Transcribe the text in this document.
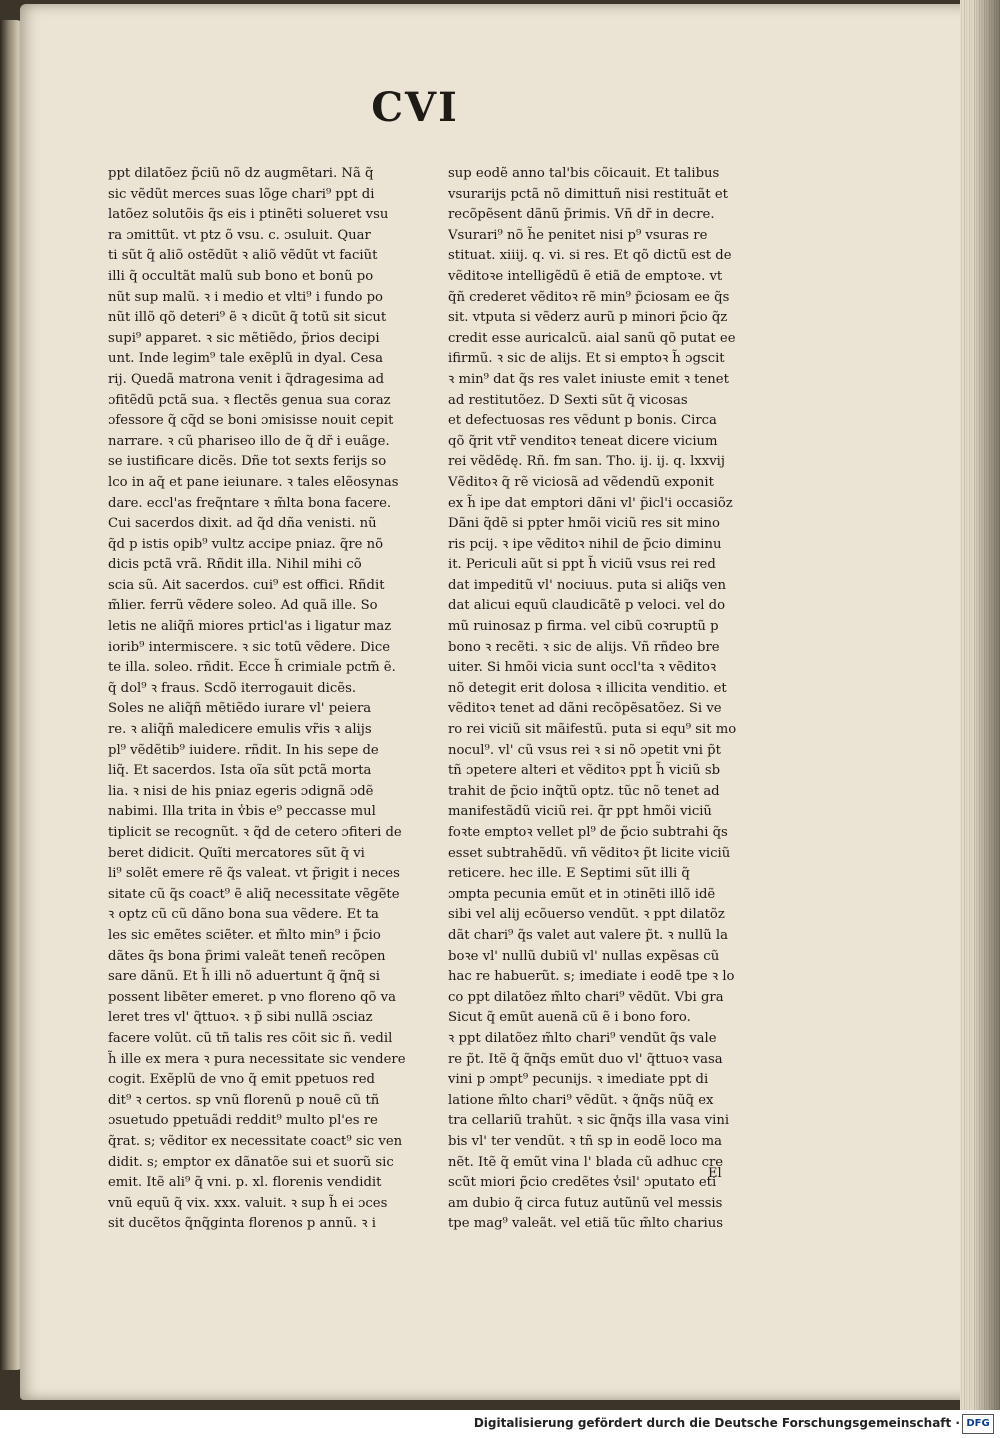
CVI
ppt dilatõez p̃ciũ nõ dz augmẽtari. Nã q̃
sic vẽdũt merces suas lõge chari⁹ ppt di
latõez solutõis q̃s eis i ptinẽti solueret vsu
ra ɔmittũt. vt ptz õ vsu. c. ɔsuluit. Quar
ti sũt q̃ aliõ ostẽdũt ꝛ aliõ vẽdũt vt faciũt
illi q̃ occultãt malũ sub bono et bonũ po
nũt sup malũ. ꝛ i medio et vlti⁹ i fundo po
nũt illõ qõ deteri⁹ ẽ ꝛ dicũt q̃ totũ sit sicut
supi⁹ apparet. ꝛ sic mẽtiẽdo, p̃rios decipi
unt. Inde legim⁹ tale exẽplũ in dyal. Cesa
rij. Quedã matrona venit i q̃dragesima ad
ɔfitẽdũ pctã sua. ꝛ flectẽs genua sua coraz
ɔfessore q̃ cq̃d se boni ɔmisisse nouit cepit
narrare. ꝛ cũ phariseo illo de q̃ dr̃ i euãge.
se iustificare dicẽs. Dñe tot sexts ferijs so
lco in aq̃ et pane ieiunare. ꝛ tales elẽosynas
dare. eccl'as freq̃ntare ꝛ m̃lta bona facere.
Cui sacerdos dixit. ad q̃d dña venisti. nũ
q̃d p istis opib⁹ vultz accipe pniaz. q̃re nõ
dicis pctã vrã. Rñdit illa. Nihil mihi cõ
scia sũ. Ait sacerdos. cui⁹ est offici. Rñdit
m̃lier. ferrũ vẽdere soleo. Ad quã ille. So
letis ne aliq̃ñ miores prticl'as i ligatur maz
iorib⁹ intermiscere. ꝛ sic totũ vẽdere. Dice
te illa. soleo. rñdit. Ecce h̃ crimiale pctm̃ ẽ.
q̃ dol⁹ ꝛ fraus. Scdõ iterrogauit dicẽs.
Soles ne aliq̃ñ mẽtiẽdo iurare vl' peiera
re. ꝛ aliq̃ñ maledicere emulis vr̃is ꝛ alijs
pl⁹ vẽdẽtib⁹ iuidere. rñdit. In his sepe de
liq̃. Et sacerdos. Ista oĩa sũt pctã morta
lia. ꝛ nisi de his pniaz egeris ɔdignã ɔdẽ
nabimi. Illa trita in v̾bis e⁹ peccasse mul
tiplicit se recognũt. ꝛ q̃d de cetero ɔfiteri de
beret didicit. Quĩti mercatores sũt q̃ vi
li⁹ solẽt emere rẽ q̃s valeat. vt p̃rigit i neces
sitate cũ q̃s coact⁹ ẽ aliq̃ necessitate vẽgẽte
ꝛ optz cũ cũ dãno bona sua vẽdere. Et ta
les sic emẽtes sciẽter. et m̃lto min⁹ i p̃cio
dãtes q̃s bona p̃rimi valeãt teneñ recõpen
sare dãnũ. Et h̃ illi nõ aduertunt q̃ q̃nq̃ si
possent libẽter emeret. p vno floreno qõ va
leret tres vl' q̃ttuoꝛ. ꝛ p̃ sibi nullã ɔsciaz
facere volũt. cũ tñ talis res cõit sic ñ. vedil
h̃ ille ex mera ꝛ pura necessitate sic vendere
cogit. Exẽplũ de vno q̃ emit ppetuos red
dit⁹ ꝛ certos. sp vnũ florenũ p nouẽ cũ tñ
ɔsuetudo ppetuãdi reddit⁹ multo pl'es re
q̃rat. s; vẽditor ex necessitate coact⁹ sic ven
didit. s; emptor ex dãnatõe sui et suorũ sic
emit. Itẽ ali⁹ q̃ vni. p. xl. florenis vendidit
vnũ equũ q̃ vix. xxx. valuit. ꝛ sup h̃ ei ɔces
sit ducẽtos q̃nq̃ginta florenos p annũ. ꝛ i
sup eodẽ anno tal'bis cõicauit. Et talibus
vsurarijs pctã nõ dimittuñ nisi restituãt et
recõpẽsent dãnũ p̃rimis. Vñ dr̃ in decre.
Vsurari⁹ nõ h̃e penitet nisi p⁹ vsuras re
stituat. xiiij. q. vi. si res. Et qõ dictũ est de
vẽditoꝛe intelligẽdũ ẽ etiã de emptoꝛe. vt
q̃ñ crederet vẽditoꝛ rẽ min⁹ p̃ciosam ee q̃s
sit. vtputa si vẽderz aurũ p minori p̃cio q̃z
credit esse auricalcũ. aial sanũ qõ putat ee
ifirmũ. ꝛ sic de alijs. Et si emptoꝛ h̃ ɔgscit
ꝛ min⁹ dat q̃s res valet iniuste emit ꝛ tenet
ad restitutõez. D Sexti sũt q̃ vicosas
et defectuosas res vẽdunt p bonis. Circa
qõ q̃rit vtr̃ venditoꝛ teneat dicere vicium
rei vẽdẽdę. Rñ. fm san. Tho. ij. ij. q. lxxvij
Vẽditoꝛ q̃ rẽ viciosã ad vẽdendũ exponit
ex h̃ ipe dat emptori dãni vl' p̃icl'i occasiõz
Dãni q̃dẽ si ppter hmõi viciũ res sit mino
ris pcij. ꝛ ipe vẽditoꝛ nihil de p̃cio diminu
it. Periculi aũt si ppt h̃ viciũ vsus rei red
dat impeditũ vl' nociuus. puta si aliq̃s ven
dat alicui equũ claudicãtẽ p veloci. vel do
mũ ruinosaz p firma. vel cibũ coꝛruptũ p
bono ꝛ recẽti. ꝛ sic de alijs. Vñ rñdeo bre
uiter. Si hmõi vicia sunt occl'ta ꝛ vẽditoꝛ
nõ detegit erit dolosa ꝛ illicita venditio. et
vẽditoꝛ tenet ad dãni recõpẽsatõez. Si ve
ro rei viciũ sit mãifestũ. puta si equ⁹ sit mo
nocul⁹. vl' cũ vsus rei ꝛ si nõ ɔpetit vni p̃t
tñ ɔpetere alteri et vẽditoꝛ ppt h̃ viciũ sb
trahit de p̃cio inq̃tũ optz. tũc nõ tenet ad
manifestãdũ viciũ rei. q̃r ppt hmõi viciũ
foꝛte emptoꝛ vellet pl⁹ de p̃cio subtrahi q̃s
esset subtrahẽdũ. vñ vẽditoꝛ p̃t licite viciũ
reticere. hec ille. E Septimi sũt illi q̃
ɔmpta pecunia emũt et in ɔtinẽti illõ idẽ
sibi vel alij ecõuerso vendũt. ꝛ ppt dilatõz
dãt chari⁹ q̃s valet aut valere p̃t. ꝛ nullũ la
boꝛe vl' nullũ dubiũ vl' nullas expẽsas cũ
hac re habuerũt. s; imediate i eodẽ tpe ꝛ lo
co ppt dilatõez m̃lto chari⁹ vẽdũt. Vbi gra
Sicut q̃ emũt auenã cũ ẽ i bono foro.
ꝛ ppt dilatõez m̃lto chari⁹ vendũt q̃s vale
re p̃t. Itẽ q̃ q̃nq̃s emũt duo vl' q̃ttuoꝛ vasa
vini p ɔmpt⁹ pecunijs. ꝛ imediate ppt di
latione m̃lto chari⁹ vẽdũt. ꝛ q̃nq̃s nũq̃ ex
tra cellariũ trahũt. ꝛ sic q̃nq̃s illa vasa vini
bis vl' ter vendũt. ꝛ tñ sp in eodẽ loco ma
nẽt. Itẽ q̃ emũt vina l' blada cũ adhuc cre
scũt miori p̃cio credẽtes v̾sil' ɔputato eti
am dubio q̃ circa futuz autũnũ vel messis
tpe mag⁹ valeãt. vel etiã tũc m̃lto charius
El
Digitalisierung gefördert durch die Deutsche Forschungsgemeinschaft · DFG
